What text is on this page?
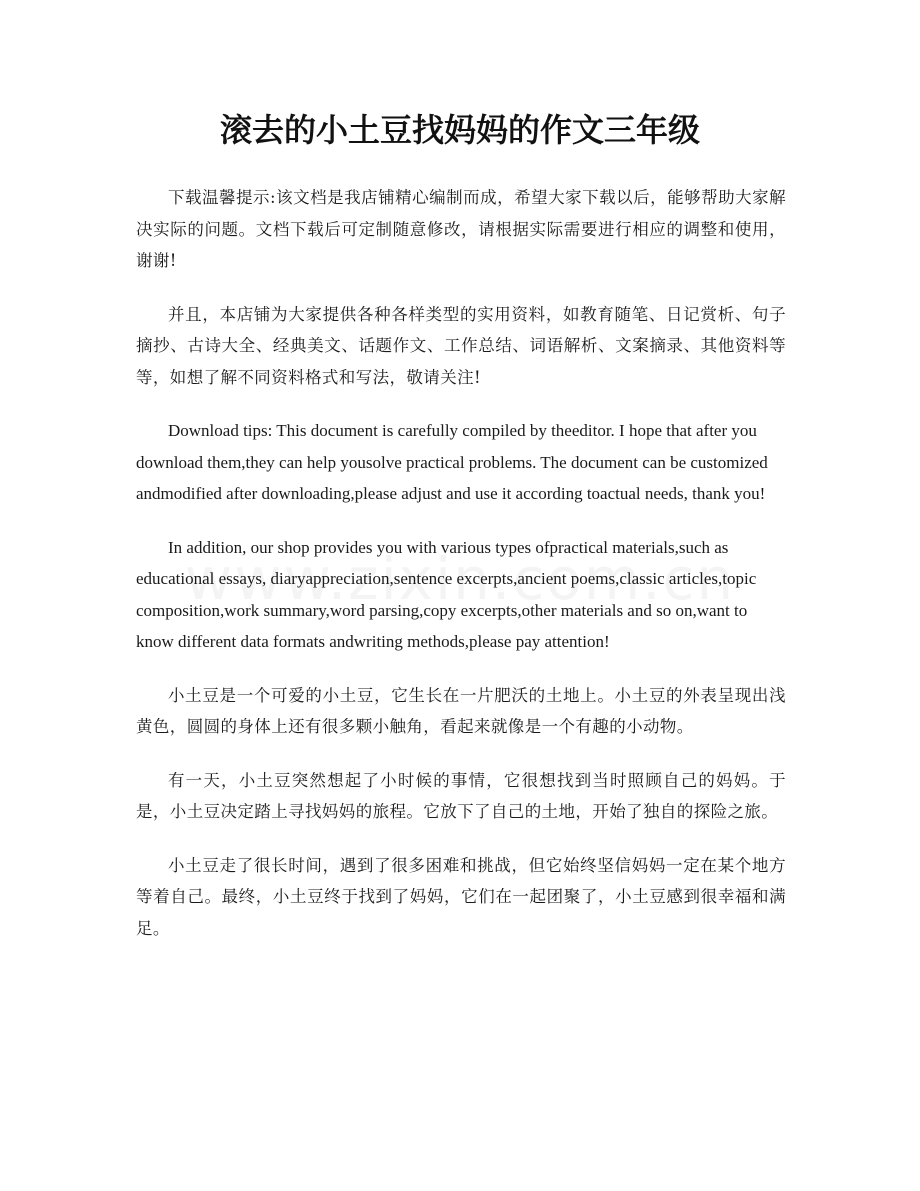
滚去的小土豆找妈妈的作文三年级

下载温馨提示:该文档是我店铺精心编制而成，希望大家下载以后，能够帮助大家解决实际的问题。文档下载后可定制随意修改，请根据实际需要进行相应的调整和使用，谢谢!

并且，本店铺为大家提供各种各样类型的实用资料，如教育随笔、日记赏析、句子摘抄、古诗大全、经典美文、话题作文、工作总结、词语解析、文案摘录、其他资料等等，如想了解不同资料格式和写法，敬请关注!

Download tips: This document is carefully compiled by theeditor. I hope that after you download them,they can help yousolve practical problems. The document can be customized andmodified after downloading,please adjust and use it according toactual needs, thank you!

In addition, our shop provides you with various types ofpractical materials,such as educational essays, diaryappreciation,sentence excerpts,ancient poems,classic articles,topic composition,work summary,word parsing,copy excerpts,other materials and so on,want to know different data formats andwriting methods,please pay attention!

小土豆是一个可爱的小土豆，它生长在一片肥沃的土地上。小土豆的外表呈现出浅黄色，圆圆的身体上还有很多颗小触角，看起来就像是一个有趣的小动物。

有一天，小土豆突然想起了小时候的事情，它很想找到当时照顾自己的妈妈。于是，小土豆决定踏上寻找妈妈的旅程。它放下了自己的土地，开始了独自的探险之旅。

小土豆走了很长时间，遇到了很多困难和挑战，但它始终坚信妈妈一定在某个地方等着自己。最终，小土豆终于找到了妈妈，它们在一起团聚了，小土豆感到很幸福和满足。
